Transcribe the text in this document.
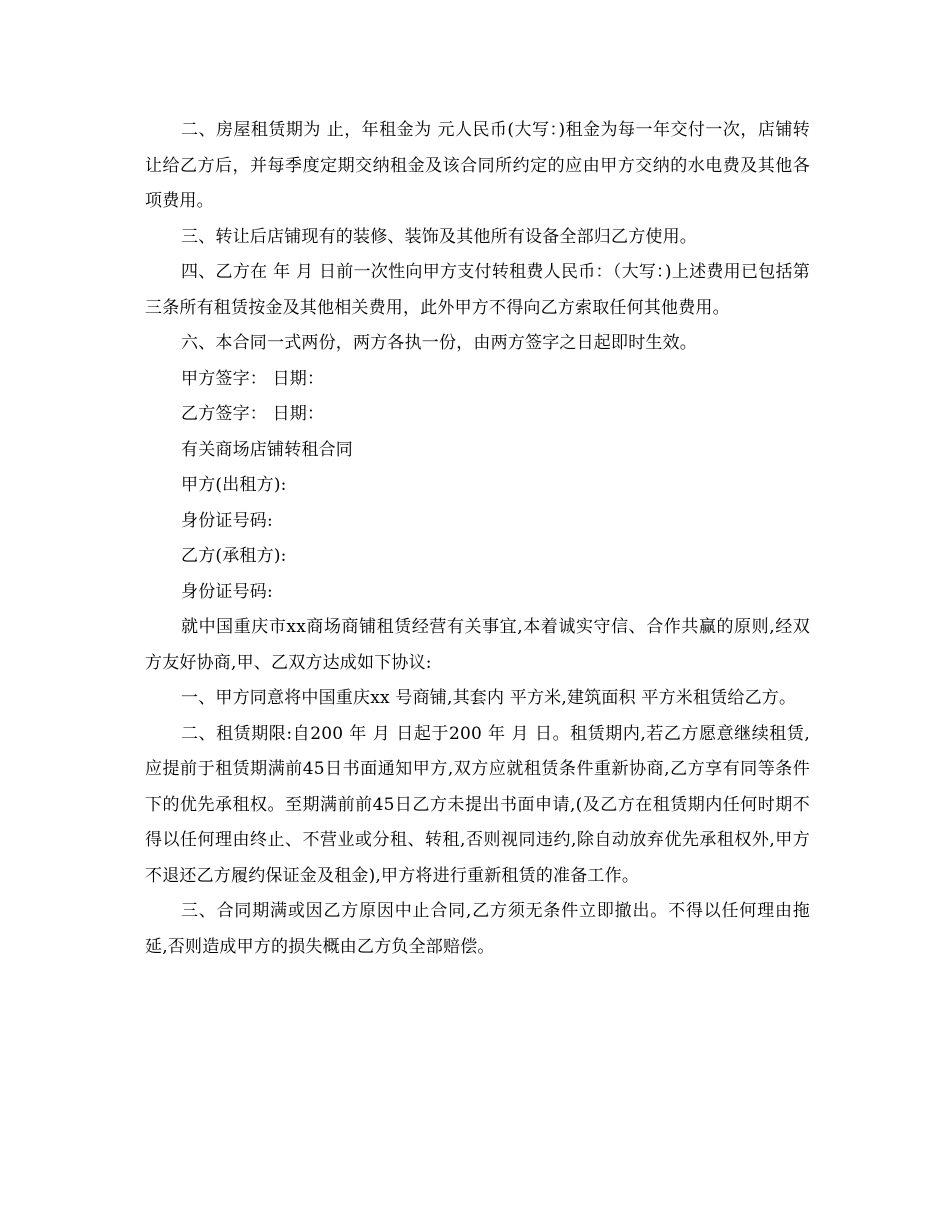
二、房屋租赁期为 止，年租金为 元人民币(大写：)租金为每一年交付一次，店铺转让给乙方后，并每季度定期交纳租金及该合同所约定的应由甲方交纳的水电费及其他各项费用。

三、转让后店铺现有的装修、装饰及其他所有设备全部归乙方使用。

四、乙方在 年 月 日前一次性向甲方支付转租费人民币：（大写：)上述费用已包括第三条所有租赁按金及其他相关费用，此外甲方不得向乙方索取任何其他费用。

六、本合同一式两份，两方各执一份，由两方签字之日起即时生效。

甲方签字： 日期：

乙方签字： 日期：

有关商场店铺转租合同

甲方(出租方):

身份证号码:

乙方(承租方):

身份证号码:

就中国重庆市xx商场商铺租赁经营有关事宜,本着诚实守信、合作共赢的原则,经双方友好协商,甲、乙双方达成如下协议:

一、甲方同意将中国重庆xx 号商铺,其套内 平方米,建筑面积 平方米租赁给乙方。

二、租赁期限:自200 年 月 日起于200 年 月 日。租赁期内,若乙方愿意继续租赁,应提前于租赁期满前45日书面通知甲方,双方应就租赁条件重新协商,乙方享有同等条件下的优先承租权。至期满前前45日乙方未提出书面申请,(及乙方在租赁期内任何时期不得以任何理由终止、不营业或分租、转租,否则视同违约,除自动放弃优先承租权外,甲方不退还乙方履约保证金及租金),甲方将进行重新租赁的准备工作。

三、合同期满或因乙方原因中止合同,乙方须无条件立即撤出。不得以任何理由拖延,否则造成甲方的损失概由乙方负全部赔偿。
